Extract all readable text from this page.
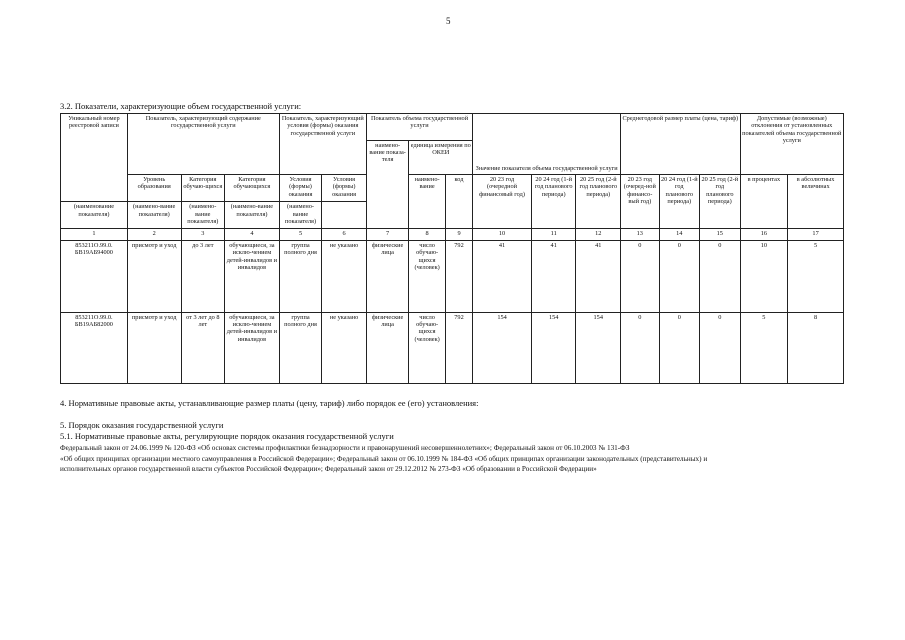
5
3.2. Показатели, характеризующие объем государственной услуги:
Уникальный номер реестровой записи	Показатель, характеризующий содержание государственной услуги			Показатель, характеризующий условия (формы) оказания государственной услуги		Показатель объема государственной услуги			Значение показателя объема государственной услуги			Среднегодовой размер платы (цена, тариф)			Допустимые (возможные) отклонения от установленных показателей объема государственной услуги	
						наимено-вание показа-теля	единица измерения по ОКЕИ									
	Уровень образования	Категория обучаю-щихся	Категория обучающихся	Условия (формы) оказания	Условия (формы) оказания		наимено-вание	код	20 23 год (очередной финансовый год)	20 24 год (1-й год планового периода)	20 25 год (2-й год планового периода)	20 23 год (очеред-ной финансо-вый год)	20 24 год (1-й год планового периода)	20 25 год (2-й год планового периода)	в процентах	в абсолютных величинах
(наименование показателя)	(наимено-вание показателя)	(наимено-вание показателя)	(наимено-вание показателя)	(наимено-вание показателя)												
1	2	3	4	5	6	7	8	9	10	11	12	13	14	15	16	17
853211О.99.0. БВ19АБ94000	присмотр и уход	до 3 лет	обучающиеся, за исклю-чением детей-инвалидов и инвалидов	группа полного дня	не указано	физические лица	число обучаю-щихся (человек)	792	41	41	41	0	0	0	10	5
853211О.99.0. БВ19АБ82000	присмотр и уход	от 3 лет до 8 лет	обучающиеся, за исклю-чением детей-инвалидов и инвалидов	группа полного дня	не указано	физические лица	число обучаю-щихся (человек)	792	154	154	154	0	0	0	5	8
4. Нормативные правовые акты, устанавливающие размер платы (цену, тариф) либо порядок ее (его) установления:
5. Порядок оказания государственной услуги
5.1. Нормативные правовые акты, регулирующие порядок оказания государственной услуги
Федеральный закон от 24.06.1999 № 120-ФЗ «Об основах системы профилактики безнадзорности и правонарушений несовершеннолетних»; Федеральный закон от 06.10.2003 № 131-ФЗ
«Об общих принципах организации местного самоуправления в Российской Федерации»; Федеральный закон от 06.10.1999 № 184-ФЗ «Об общих принципах организации законодательных (представительных) и
исполнительных органов государственной власти субъектов Российской Федерации»; Федеральный закон от 29.12.2012 № 273-ФЗ «Об образовании в Российской Федерации»
